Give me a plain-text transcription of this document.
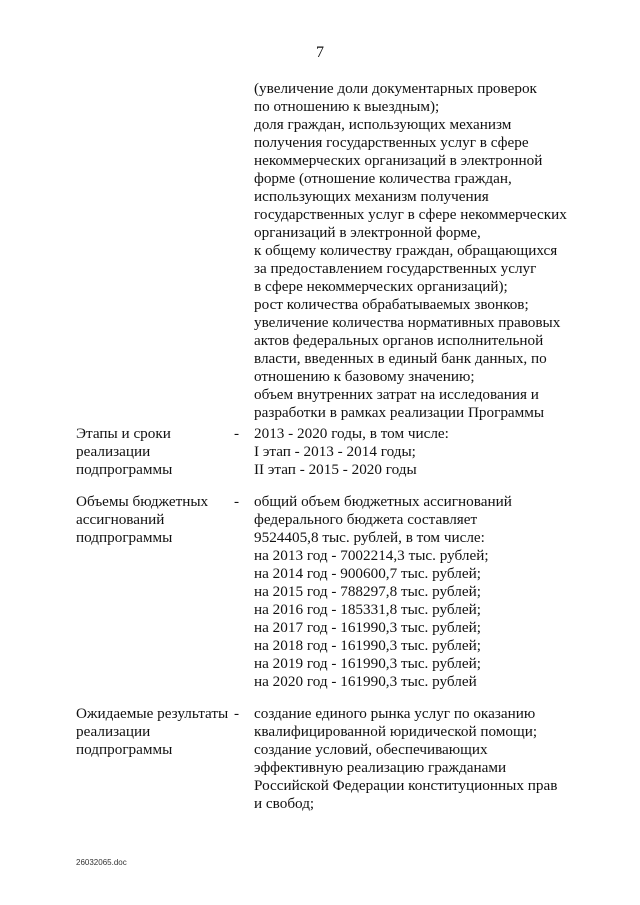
7
(увеличение доли документарных проверок
по отношению к выездным);
доля граждан, использующих механизм
получения государственных услуг в сфере
некоммерческих организаций в электронной
форме (отношение количества граждан,
использующих механизм получения
государственных услуг в сфере некоммерческих
организаций в электронной форме,
к общему количеству граждан, обращающихся
за предоставлением государственных услуг
в сфере некоммерческих организаций);
рост количества обрабатываемых звонков;
увеличение количества нормативных правовых
актов федеральных органов исполнительной
власти, введенных в единый банк данных, по
отношению к базовому значению;
объем внутренних затрат на исследования и
разработки в рамках реализации Программы
Этапы и сроки
реализации
подпрограммы
- 2013 - 2020 годы, в том числе:
I этап - 2013 - 2014 годы;
II этап - 2015 - 2020 годы
Объемы бюджетных
ассигнований
подпрограммы
- общий объем бюджетных ассигнований
федерального бюджета составляет
9524405,8 тыс. рублей, в том числе:
на 2013 год - 7002214,3 тыс. рублей;
на 2014 год - 900600,7 тыс. рублей;
на 2015 год - 788297,8 тыс. рублей;
на 2016 год - 185331,8 тыс. рублей;
на 2017 год - 161990,3 тыс. рублей;
на 2018 год - 161990,3 тыс. рублей;
на 2019 год - 161990,3 тыс. рублей;
на 2020 год - 161990,3 тыс. рублей
Ожидаемые результаты
реализации
подпрограммы
- создание единого рынка услуг по оказанию
квалифицированной юридической помощи;
создание условий, обеспечивающих
эффективную реализацию гражданами
Российской Федерации конституционных прав
и свобод;
26032065.doc
